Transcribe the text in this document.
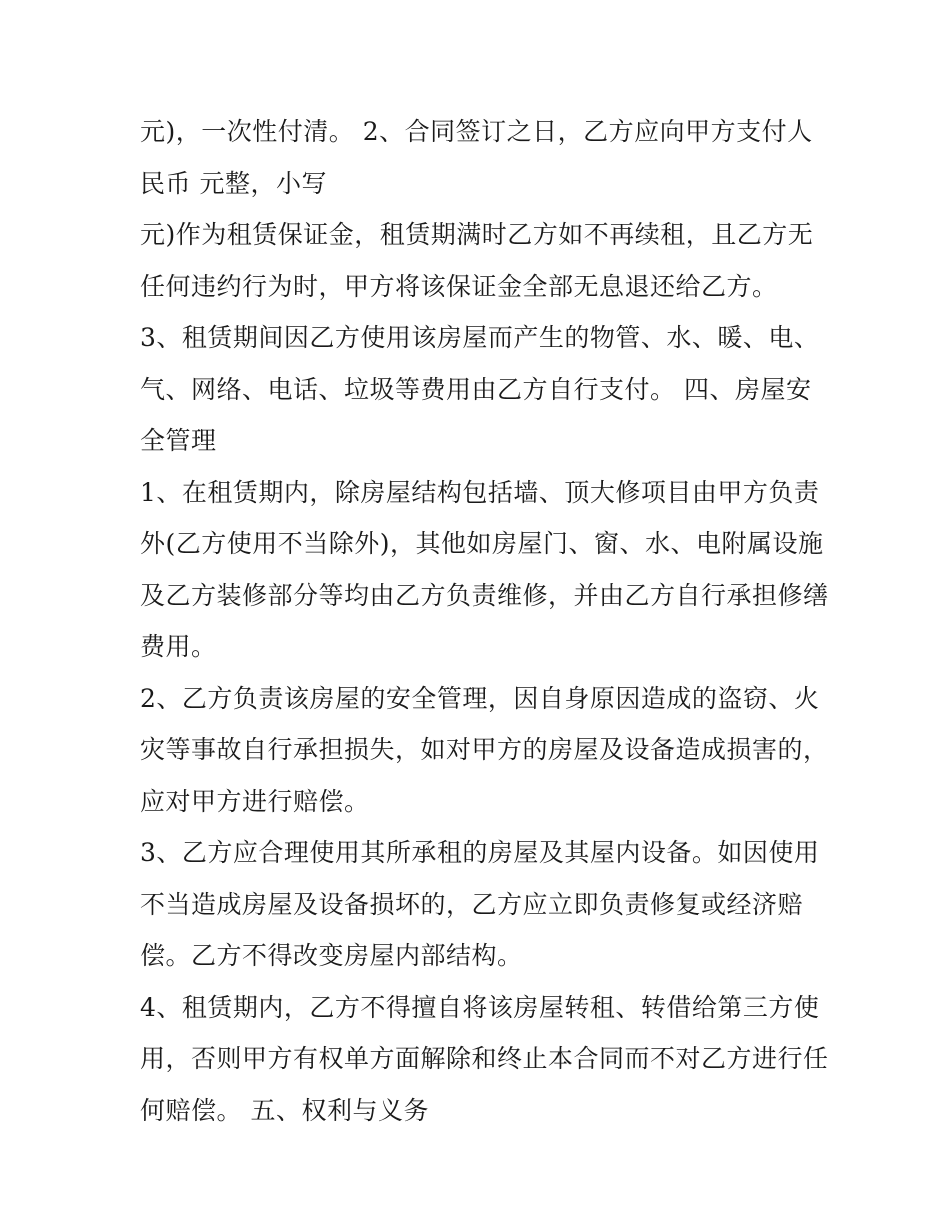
元)，一次性付清。 2、合同签订之日，乙方应向甲方支付人
民币 元整，小写
元)作为租赁保证金，租赁期满时乙方如不再续租，且乙方无
任何违约行为时，甲方将该保证金全部无息退还给乙方。
3、租赁期间因乙方使用该房屋而产生的物管、水、暖、电、
气、网络、电话、垃圾等费用由乙方自行支付。 四、房屋安
全管理
1、在租赁期内，除房屋结构包括墙、顶大修项目由甲方负责
外(乙方使用不当除外)，其他如房屋门、窗、水、电附属设施
及乙方装修部分等均由乙方负责维修，并由乙方自行承担修缮
费用。
2、乙方负责该房屋的安全管理，因自身原因造成的盗窃、火
灾等事故自行承担损失，如对甲方的房屋及设备造成损害的，
应对甲方进行赔偿。
3、乙方应合理使用其所承租的房屋及其屋内设备。如因使用
不当造成房屋及设备损坏的，乙方应立即负责修复或经济赔
偿。乙方不得改变房屋内部结构。
4、租赁期内，乙方不得擅自将该房屋转租、转借给第三方使
用，否则甲方有权单方面解除和终止本合同而不对乙方进行任
何赔偿。 五、权利与义务
